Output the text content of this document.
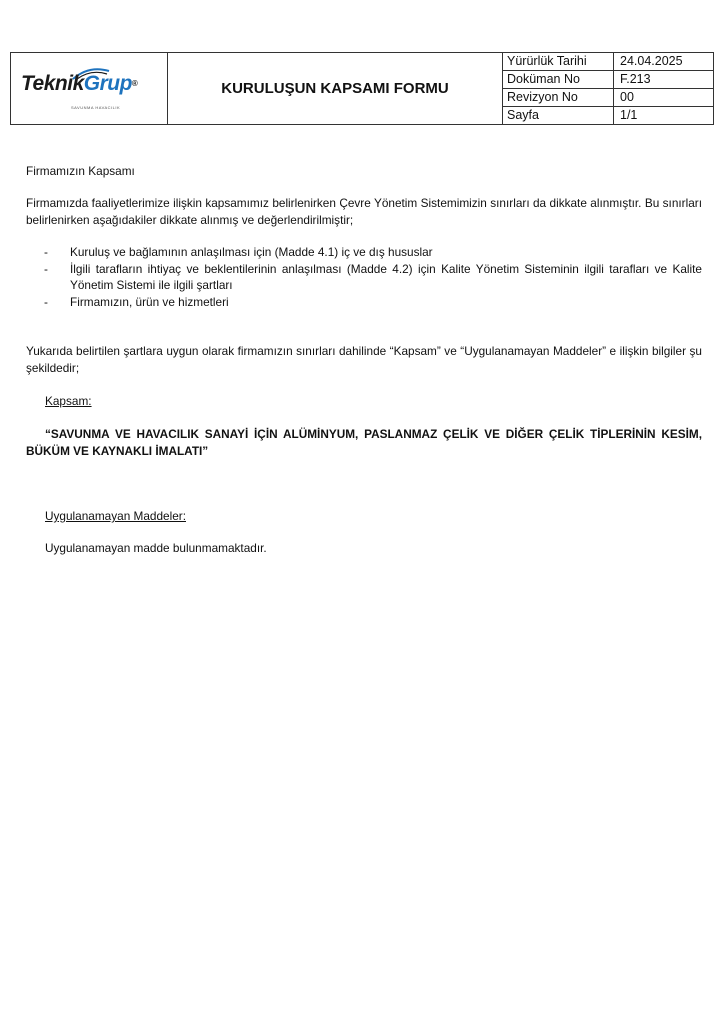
TeknikGrup®
SAVUNMA HAVACILIK	KURULUŞUN KAPSAMI FORMU	Yürürlük Tarihi	24.04.2025
		Doküman No	F.213
		Revizyon No	00
		Sayfa	1/1
Firmamızın Kapsamı
Firmamızda faaliyetlerimize ilişkin kapsamımız belirlenirken Çevre Yönetim Sistemimizin sınırları da dikkate alınmıştır. Bu sınırları belirlenirken aşağıdakiler dikkate alınmış ve değerlendirilmiştir;
- Kuruluş ve bağlamının anlaşılması için (Madde 4.1) iç ve dış hususlar
- İlgili tarafların ihtiyaç ve beklentilerinin anlaşılması (Madde 4.2) için Kalite Yönetim Sisteminin ilgili tarafları ve Kalite Yönetim Sistemi ile ilgili şartları
- Firmamızın, ürün ve hizmetleri
Yukarıda belirtilen şartlara uygun olarak firmamızın sınırları dahilinde “Kapsam” ve “Uygulanamayan Maddeler” e ilişkin bilgiler şu şekildedir;
Kapsam:
“SAVUNMA VE HAVACILIK SANAYİ İÇİN ALÜMİNYUM, PASLANMAZ ÇELİK VE DİĞER ÇELİK TİPLERİNİN KESİM, BÜKÜM VE KAYNAKLI İMALATI”
Uygulanamayan Maddeler:
Uygulanamayan madde bulunmamaktadır.
